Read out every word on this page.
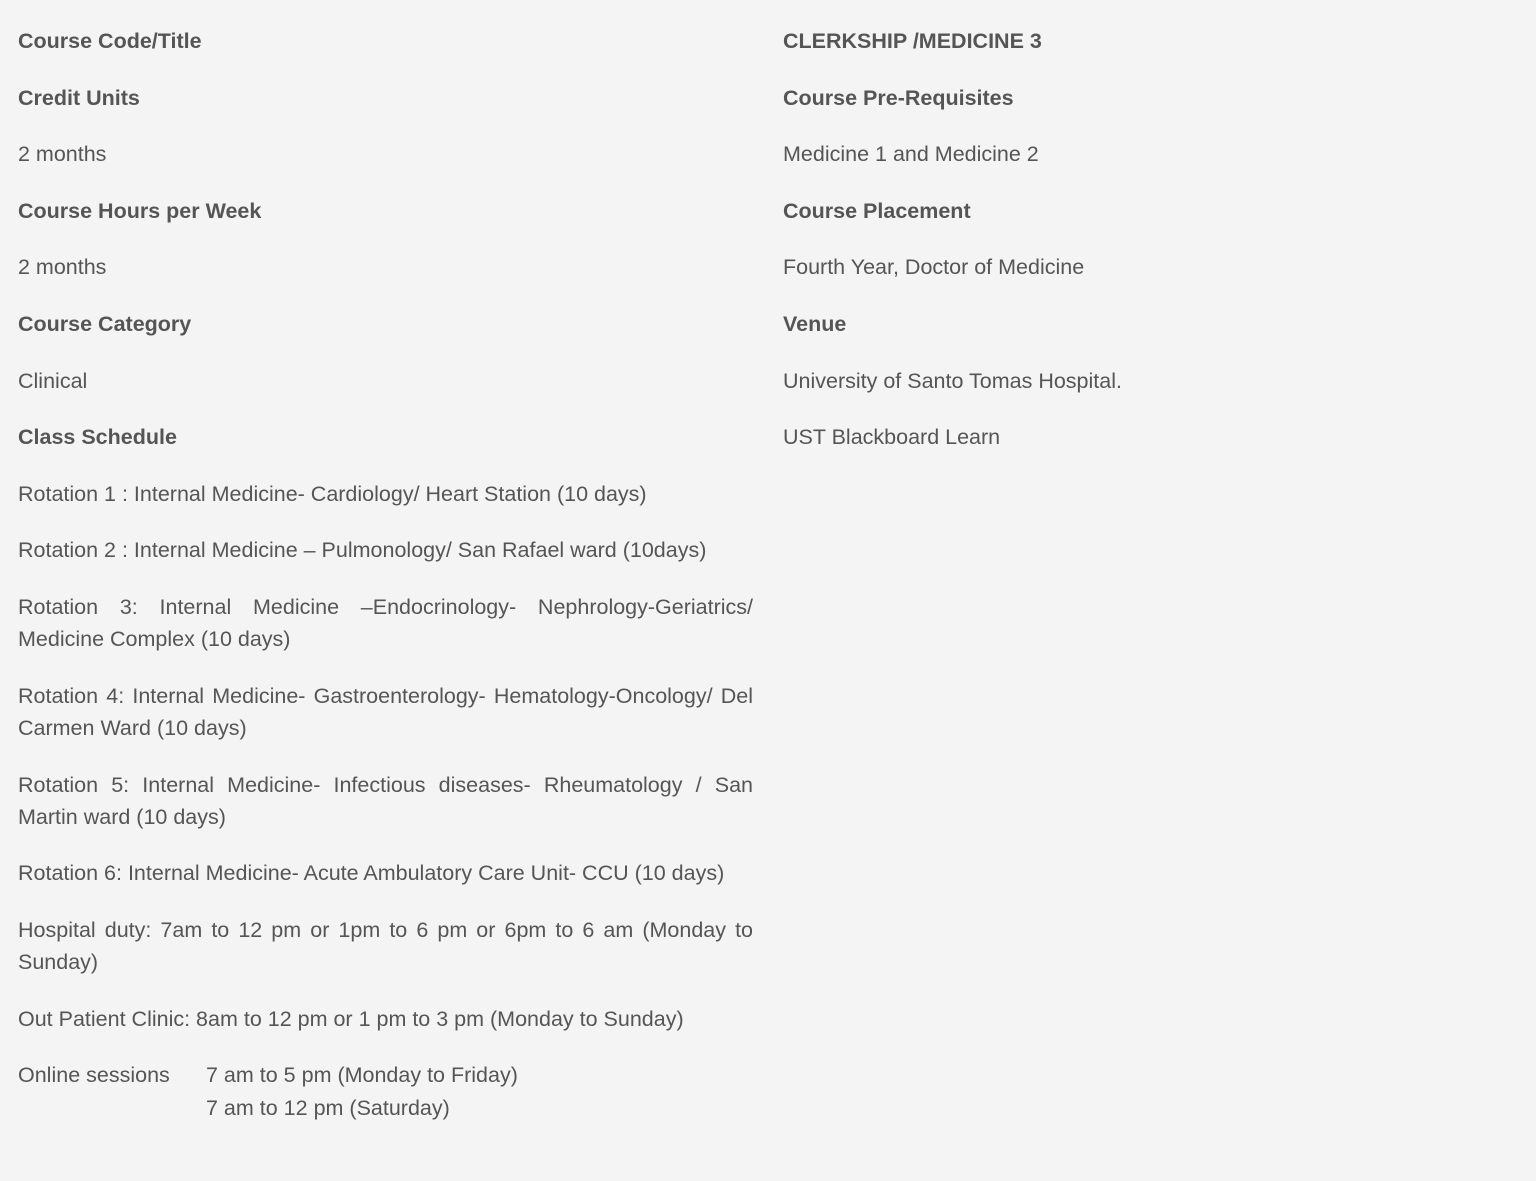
Course Code/Title

Credit Units

2 months

Course Hours per Week

2 months

Course Category

Clinical

Class Schedule

Rotation 1 : Internal Medicine- Cardiology/ Heart Station (10 days)

Rotation 2 : Internal Medicine – Pulmonology/ San Rafael ward (10days)

Rotation 3: Internal Medicine –Endocrinology- Nephrology-Geriatrics/ Medicine Complex (10 days)

Rotation 4: Internal Medicine- Gastroenterology- Hematology-Oncology/ Del Carmen Ward (10 days)

Rotation 5: Internal Medicine- Infectious diseases- Rheumatology / San Martin ward (10 days)

Rotation 6: Internal Medicine- Acute Ambulatory Care Unit- CCU (10 days)

Hospital duty: 7am to 12 pm or 1pm to 6 pm or 6pm to 6 am (Monday to Sunday)

Out Patient Clinic: 8am to 12 pm or 1 pm to 3 pm (Monday to Sunday)

Online sessions	7 am to 5 pm (Monday to Friday)
7 am to 12 pm (Saturday)

CLERKSHIP /MEDICINE 3

Course Pre-Requisites

Medicine 1 and Medicine 2

Course Placement

Fourth Year, Doctor of Medicine

Venue

University of Santo Tomas Hospital.

UST Blackboard Learn
